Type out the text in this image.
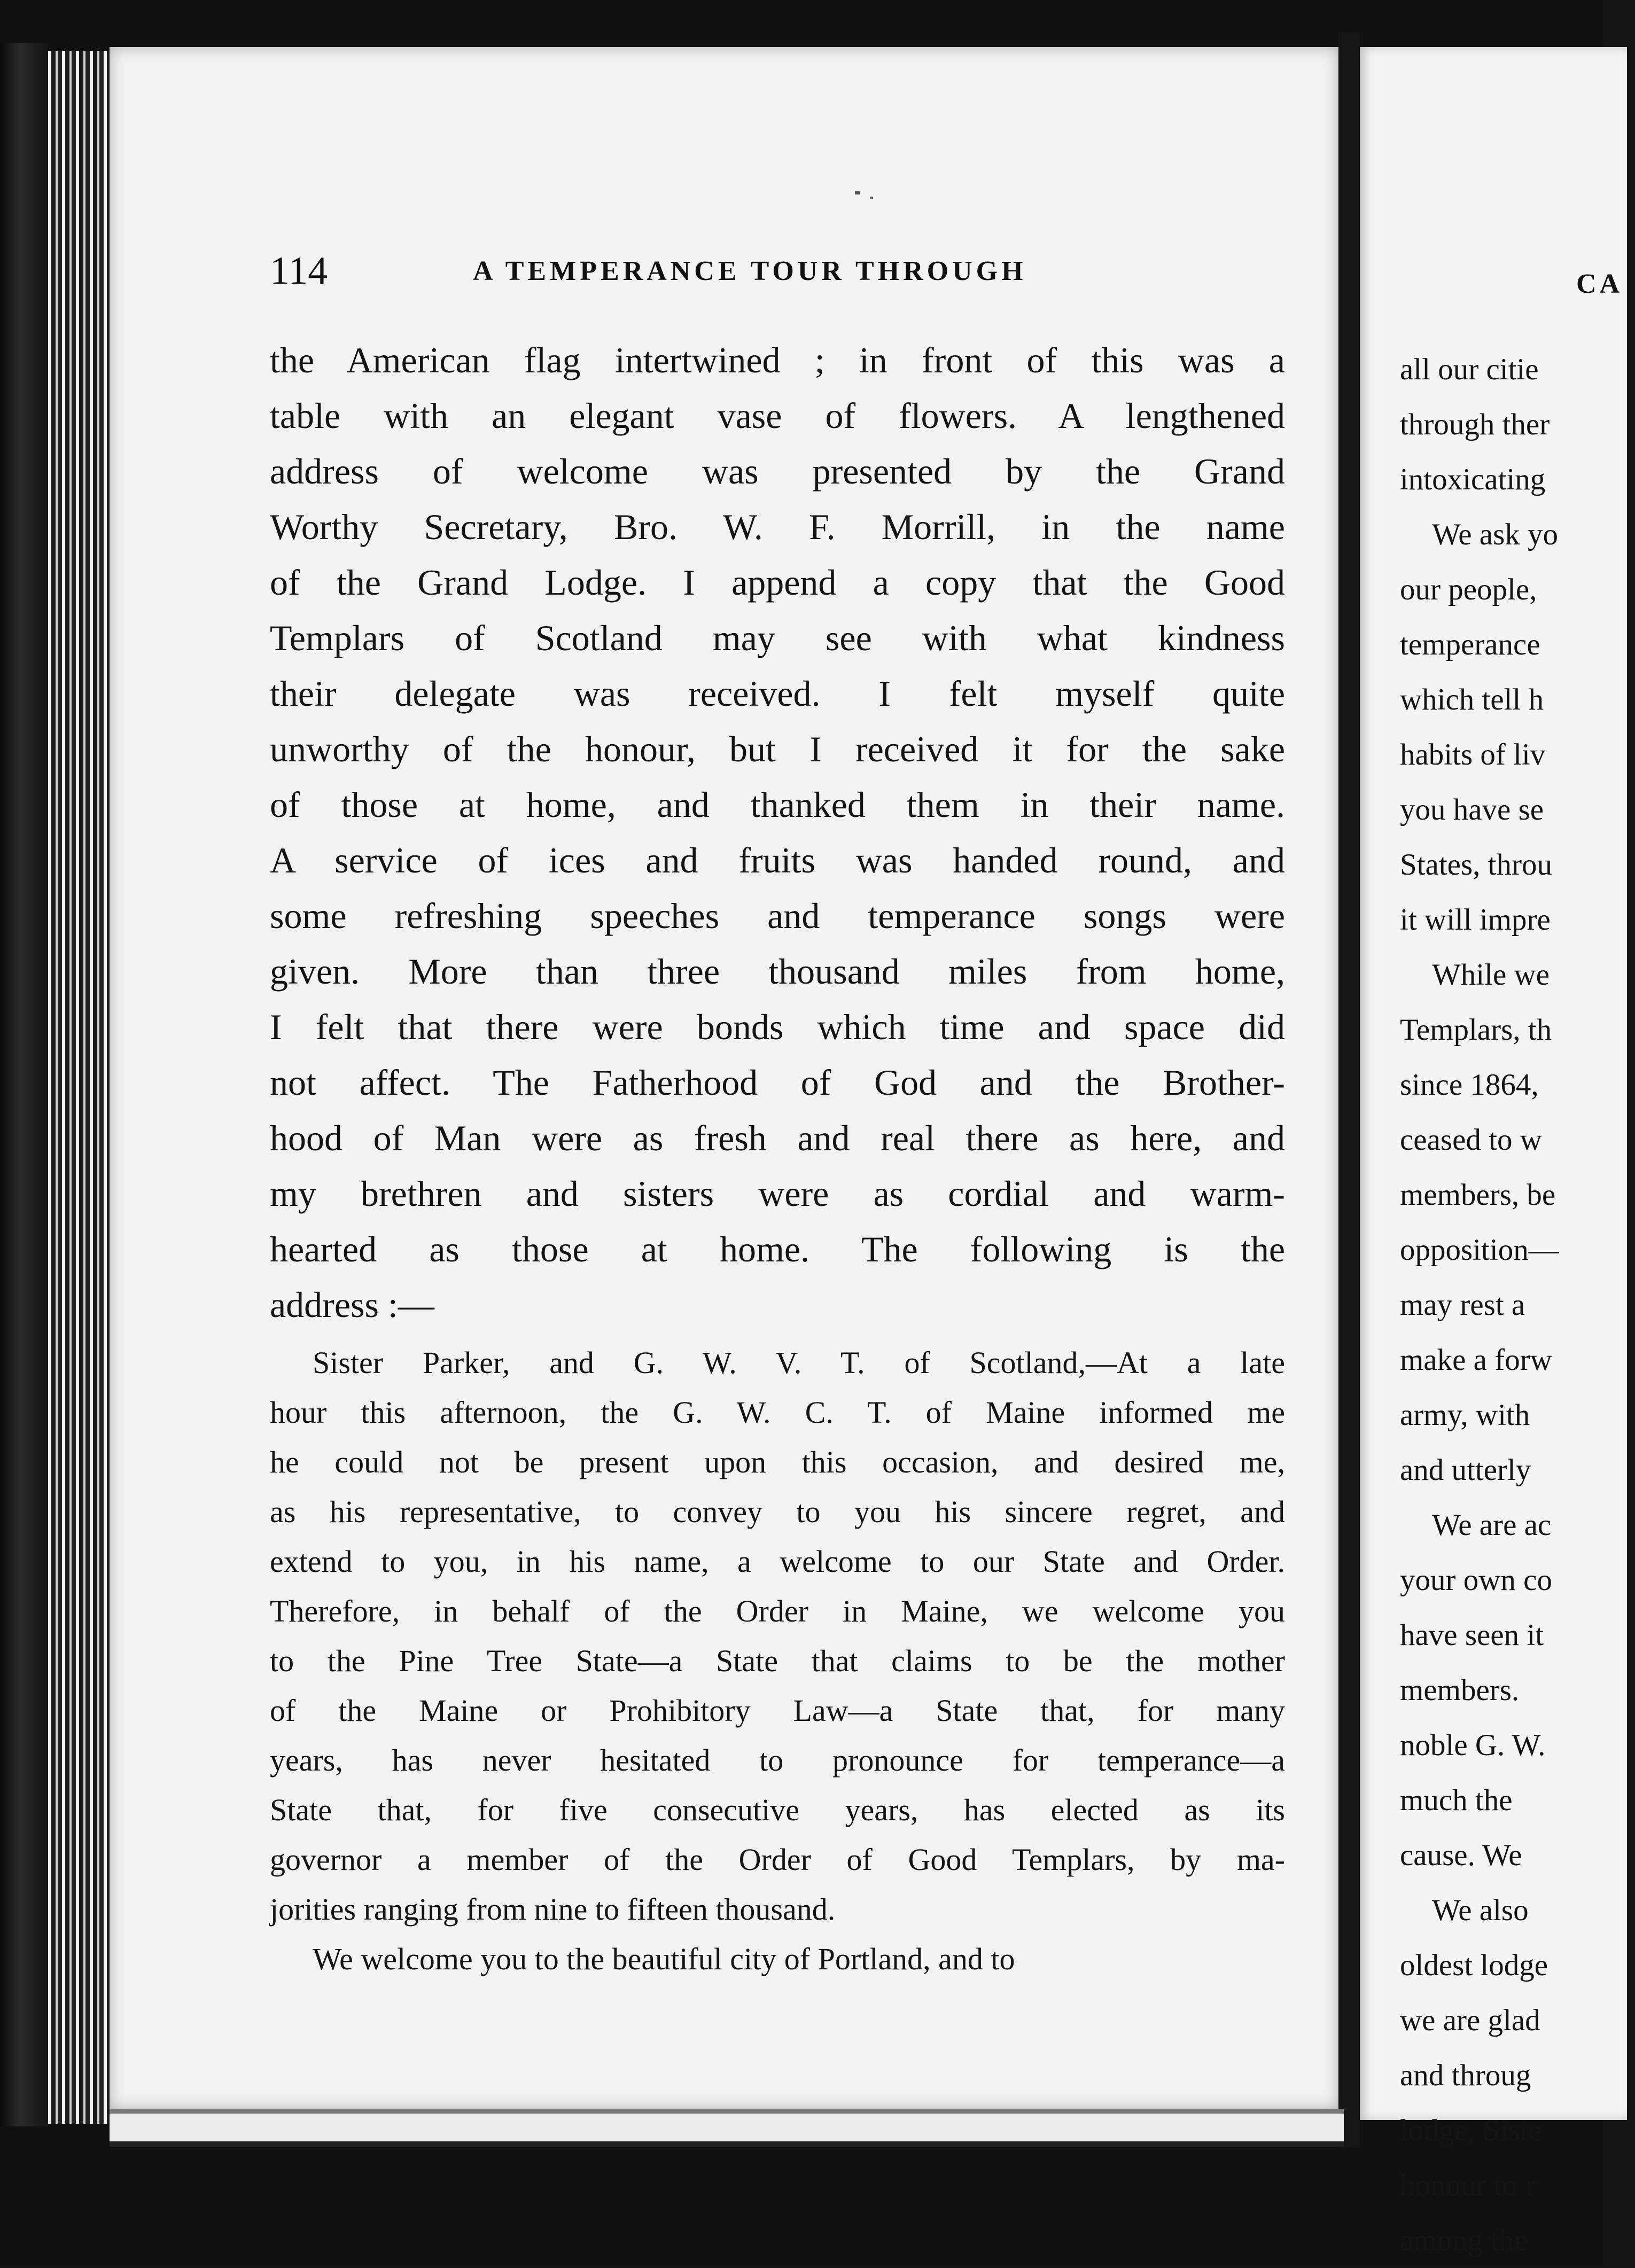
114	A TEMPERANCE TOUR THROUGH
the American flag intertwined ; in front of this was a
table with an elegant vase of flowers. A lengthened
address of welcome was presented by the Grand
Worthy Secretary, Bro. W. F. Morrill, in the name
of the Grand Lodge. I append a copy that the Good
Templars of Scotland may see with what kindness
their delegate was received. I felt myself quite
unworthy of the honour, but I received it for the sake
of those at home, and thanked them in their name.
A service of ices and fruits was handed round, and
some refreshing speeches and temperance songs were
given. More than three thousand miles from home,
I felt that there were bonds which time and space did
not affect. The Fatherhood of God and the Brother-
hood of Man were as fresh and real there as here, and
my brethren and sisters were as cordial and warm-
hearted as those at home. The following is the
address :—
Sister Parker, and G. W. V. T. of Scotland,—At a late
hour this afternoon, the G. W. C. T. of Maine informed me
he could not be present upon this occasion, and desired me,
as his representative, to convey to you his sincere regret, and
extend to you, in his name, a welcome to our State and Order.
Therefore, in behalf of the Order in Maine, we welcome you
to the Pine Tree State—a State that claims to be the mother
of the Maine or Prohibitory Law—a State that, for many
years, has never hesitated to pronounce for temperance—a
State that, for five consecutive years, has elected as its
governor a member of the Order of Good Templars, by ma-
jorities ranging from nine to fifteen thousand.
We welcome you to the beautiful city of Portland, and to
CA
all our citie
through ther
intoxicating
We ask yo
our people,
temperance
which tell h
habits of liv
you have se
States, throu
it will impre
While we
Templars, th
since 1864,
ceased to w
members, be
opposition—
may rest a
make a forw
army, with
and utterly
We are ac
your own co
have seen it
members.
noble G. W.
much the
cause. We
We also
oldest lodge
we are glad
and throug
lodge, Siste
honour to r
among the
